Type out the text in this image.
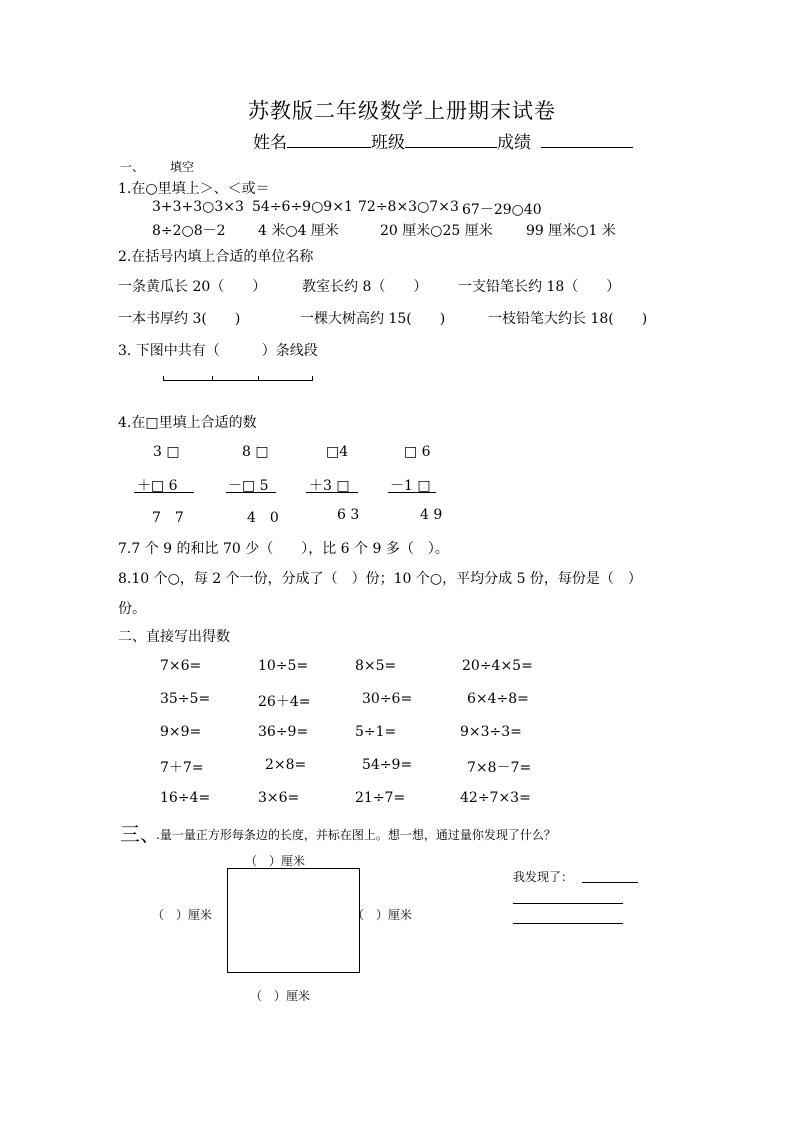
苏教版二年级数学上册期末试卷
姓名	班级	成绩
一、 填空
1.在○里填上＞、＜或＝
3+3+3○3×3 54÷6÷9○9×1 72÷8×3○7×3 67－29○40
8÷2○8－2 4 米○4 厘米	20 厘米○25 厘米 99 厘米○1 米
2.在括号内填上合适的单位名称
一条黄瓜长 20（　　）	教室长约 8（　　） 一支铅笔长约 18（　　）
一本书厚约 3(　　)	一棵大树高约 15(　　)	一枝铅笔大约长 18(　　)
3. 下图中共有（　　　）条线段
4.在□里填上合适的数
3 □	8 □	□4	□ 6
＋□ 6	－□ 5	＋3 □	－1 □
7　7	4　0	6 3	4 9
7.7 个 9 的和比 70 少（　　），比 6 个 9 多（　）。
8.10 个○，每 2 个一份，分成了（　）份；10 个○，平均分成 5 份，每份是（　）
份。
二、直接写出得数
7×6=	10÷5=	8×5=	20÷4×5=
35÷5=	26＋4=	30÷6=	6×4÷8=
9×9=	36÷9=	5÷1=	9×3÷3=
7＋7=	2×8=	54÷9=	7×8－7=
16÷4=	3×6=	21÷7=	42÷7×3=
三、
.量一量正方形每条边的长度，并标在图上。想一想，通过量你发现了什么？
（　）厘米
（　）厘米	（　）厘米
（　）厘米
我发现了：
